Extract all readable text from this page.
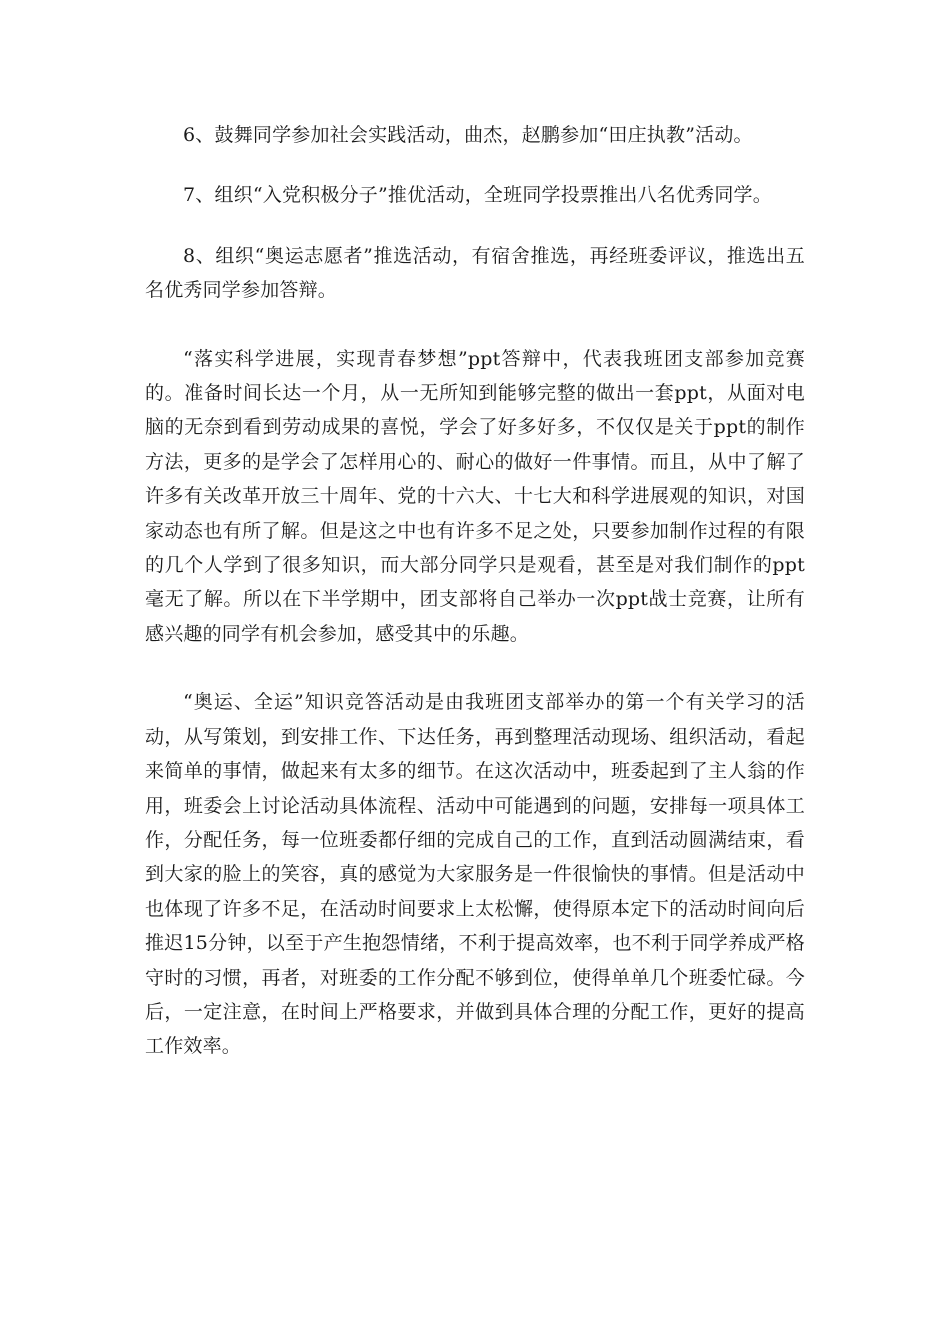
6、鼓舞同学参加社会实践活动，曲杰，赵鹏参加“田庄执教”活动。

7、组织“入党积极分子”推优活动，全班同学投票推出八名优秀同学。

8、组织“奥运志愿者”推选活动，有宿舍推选，再经班委评议，推选出五名优秀同学参加答辩。

“落实科学进展，实现青春梦想”ppt答辩中，代表我班团支部参加竞赛的。准备时间长达一个月，从一无所知到能够完整的做出一套ppt，从面对电脑的无奈到看到劳动成果的喜悦，学会了好多好多，不仅仅是关于ppt的制作方法，更多的是学会了怎样用心的、耐心的做好一件事情。而且，从中了解了许多有关改革开放三十周年、党的十六大、十七大和科学进展观的知识，对国家动态也有所了解。但是这之中也有许多不足之处，只要参加制作过程的有限的几个人学到了很多知识，而大部分同学只是观看，甚至是对我们制作的ppt毫无了解。所以在下半学期中，团支部将自己举办一次ppt战士竞赛，让所有感兴趣的同学有机会参加，感受其中的乐趣。

“奥运、全运”知识竞答活动是由我班团支部举办的第一个有关学习的活动，从写策划，到安排工作、下达任务，再到整理活动现场、组织活动，看起来简单的事情，做起来有太多的细节。在这次活动中，班委起到了主人翁的作用，班委会上讨论活动具体流程、活动中可能遇到的问题，安排每一项具体工作，分配任务，每一位班委都仔细的完成自己的工作，直到活动圆满结束，看到大家的脸上的笑容，真的感觉为大家服务是一件很愉快的事情。但是活动中也体现了许多不足，在活动时间要求上太松懈，使得原本定下的活动时间向后推迟15分钟，以至于产生抱怨情绪，不利于提高效率，也不利于同学养成严格守时的习惯，再者，对班委的工作分配不够到位，使得单单几个班委忙碌。今后，一定注意，在时间上严格要求，并做到具体合理的分配工作，更好的提高工作效率。
